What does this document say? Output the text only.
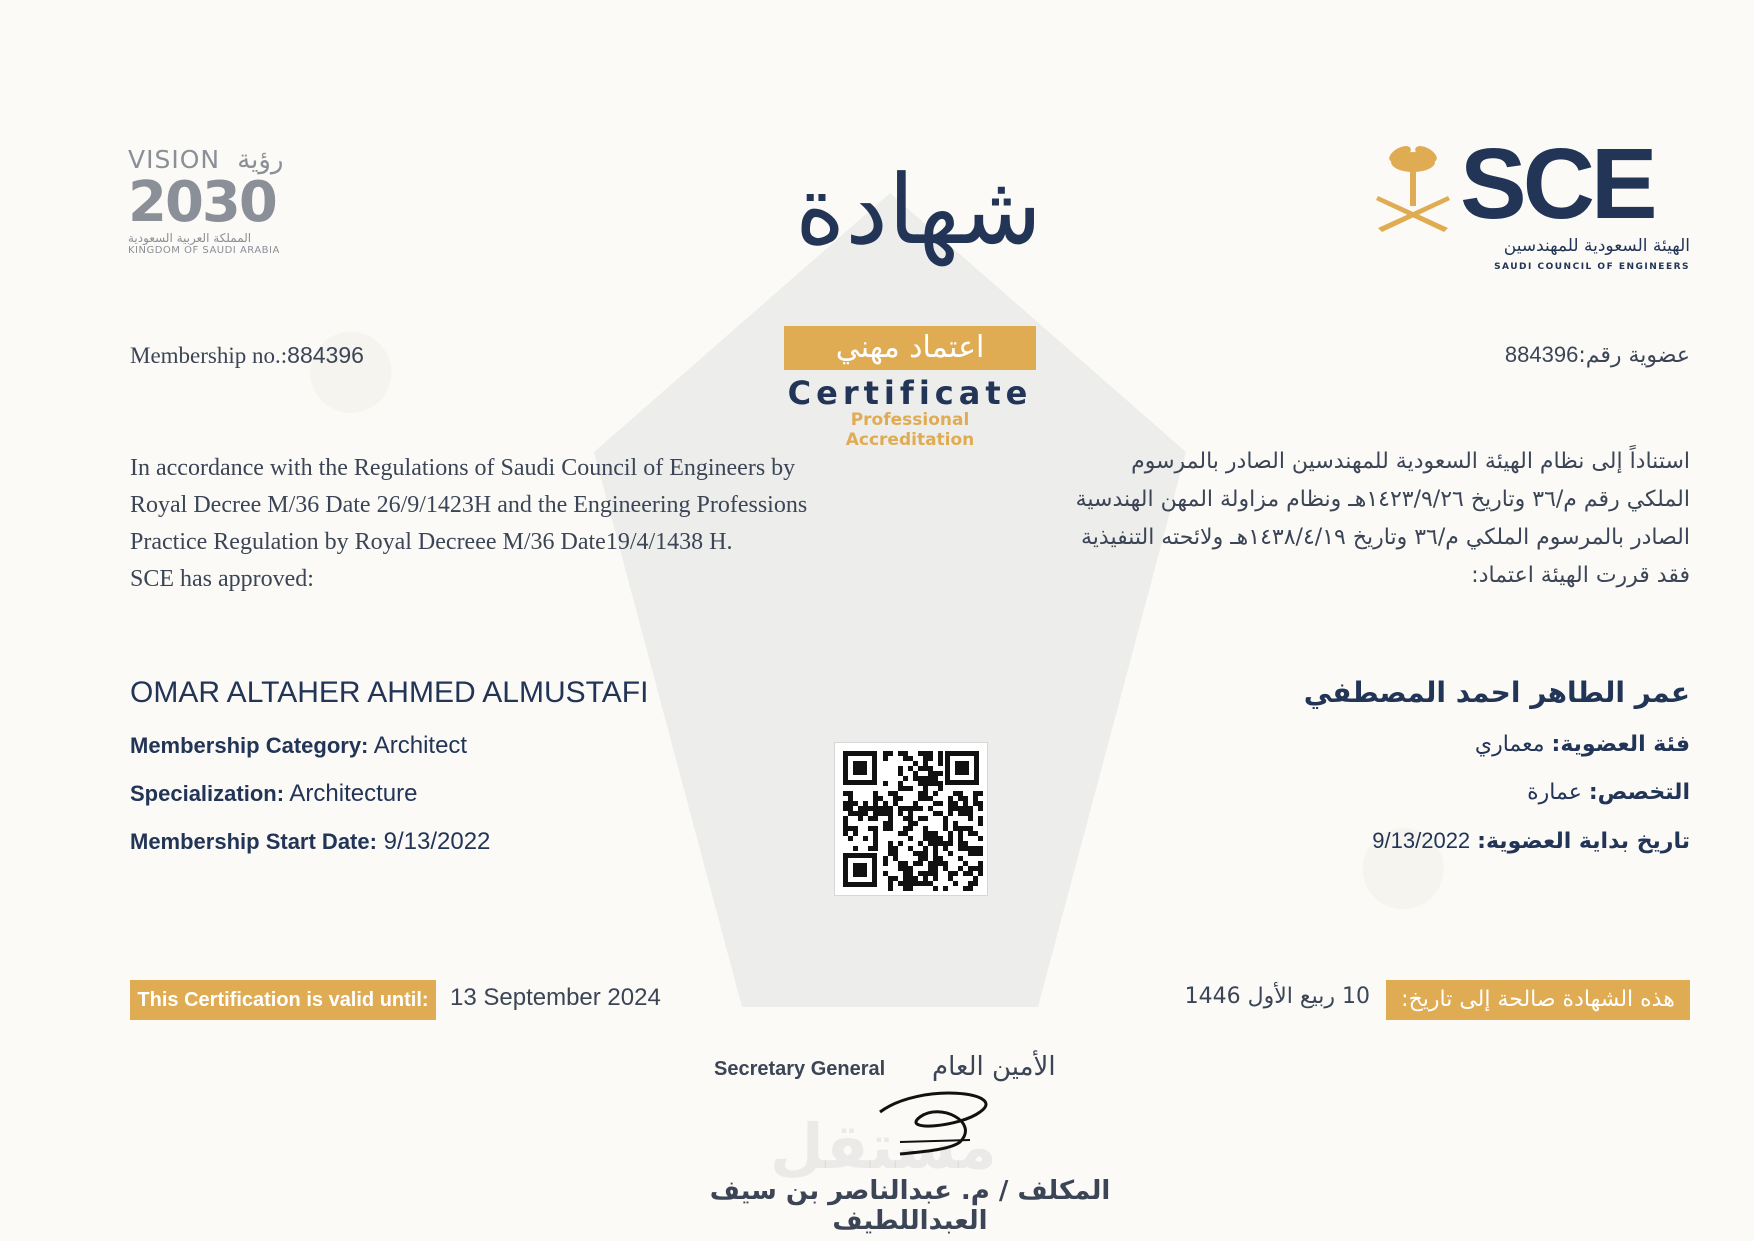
VISION رؤية
2030
المملكة العربية السعودية
KINGDOM OF SAUDI ARABIA
SCE
الهيئة السعودية للمهندسين
SAUDI COUNCIL OF ENGINEERS
شهادة
اعتماد مهني
Certificate
Professional Accreditation
Membership no.:884396	عضوية رقم:884396
In accordance with the Regulations of Saudi Council of Engineers by
Royal Decree M/36 Date 26/9/1423H and the Engineering Professions
Practice Regulation by Royal Decreee M/36 Date19/4/1438 H.
SCE has approved:
استناداً إلى نظام الهيئة السعودية للمهندسين الصادر بالمرسوم
الملكي رقم م/٣٦ وتاريخ ١٤٢٣/٩/٢٦هـ ونظام مزاولة المهن الهندسية
الصادر بالمرسوم الملكي م/٣٦ وتاريخ ١٤٣٨/٤/١٩هـ ولائحته التنفيذية
فقد قررت الهيئة اعتماد:
OMAR ALTAHER AHMED ALMUSTAFI	عمر الطاهر احمد المصطفي
Membership Category: Architect
Specialization: Architecture
Membership Start Date: 9/13/2022
فئة العضوية: معماري
التخصص: عمارة
تاريخ بداية العضوية: 9/13/2022
This Certification is valid until: 13 September 2024	هذه الشهادة صالحة إلى تاريخ:
10 ربيع الأول 1446
Secretary General الأمين العام
مستقل
المكلف / م. عبدالناصر بن سيف العبداللطيف
